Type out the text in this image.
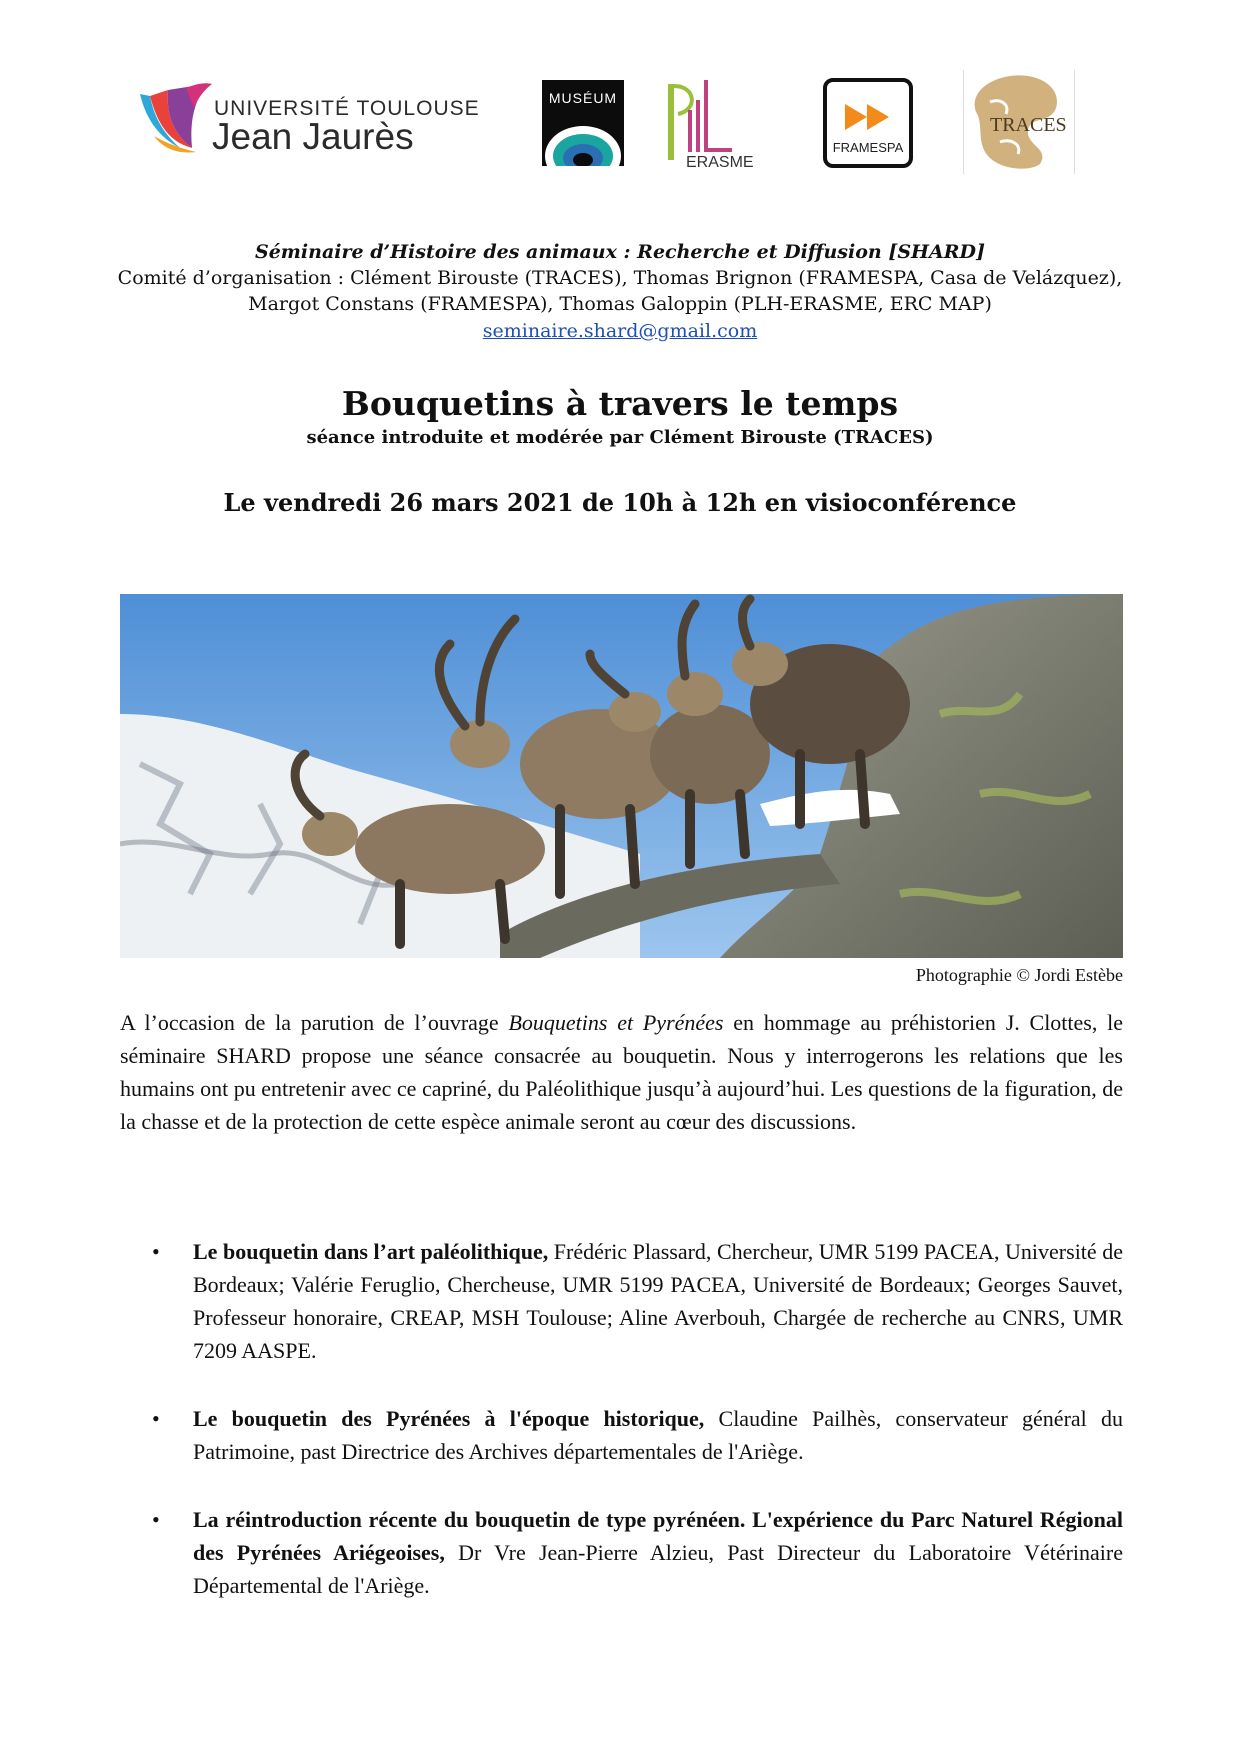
UNIVERSITÉ TOULOUSE
Jean Jaurès
MUSÉUM
ERASME
FRAMESPA
TRACES
Séminaire d’Histoire des animaux : Recherche et Diffusion [SHARD]
Comité d’organisation : Clément Birouste (TRACES), Thomas Brignon (FRAMESPA, Casa de Velázquez),
Margot Constans (FRAMESPA), Thomas Galoppin (PLH-ERASME, ERC MAP)
seminaire.shard@gmail.com
Bouquetins à travers le temps
séance introduite et modérée par Clément Birouste (TRACES)
Le vendredi 26 mars 2021 de 10h à 12h en visioconférence
Photographie © Jordi Estèbe
A l’occasion de la parution de l’ouvrage Bouquetins et Pyrénées en hommage au préhistorien J. Clottes, le séminaire SHARD propose une séance consacrée au bouquetin. Nous y interrogerons les relations que les humains ont pu entretenir avec ce capriné, du Paléolithique jusqu’à aujourd’hui. Les questions de la figuration, de la chasse et de la protection de cette espèce animale seront au cœur des discussions.
• Le bouquetin dans l’art paléolithique, Frédéric Plassard, Chercheur, UMR 5199 PACEA, Université de Bordeaux; Valérie Feruglio, Chercheuse, UMR 5199 PACEA, Université de Bordeaux; Georges Sauvet, Professeur honoraire, CREAP, MSH Toulouse; Aline Averbouh, Chargée de recherche au CNRS, UMR 7209 AASPE.
• Le bouquetin des Pyrénées à l'époque historique, Claudine Pailhès, conservateur général du Patrimoine, past Directrice des Archives départementales de l'Ariège.
• La réintroduction récente du bouquetin de type pyrénéen. L'expérience du Parc Naturel Régional des Pyrénées Ariégeoises, Dr Vre Jean-Pierre Alzieu, Past Directeur du Laboratoire Vétérinaire Départemental de l'Ariège.
